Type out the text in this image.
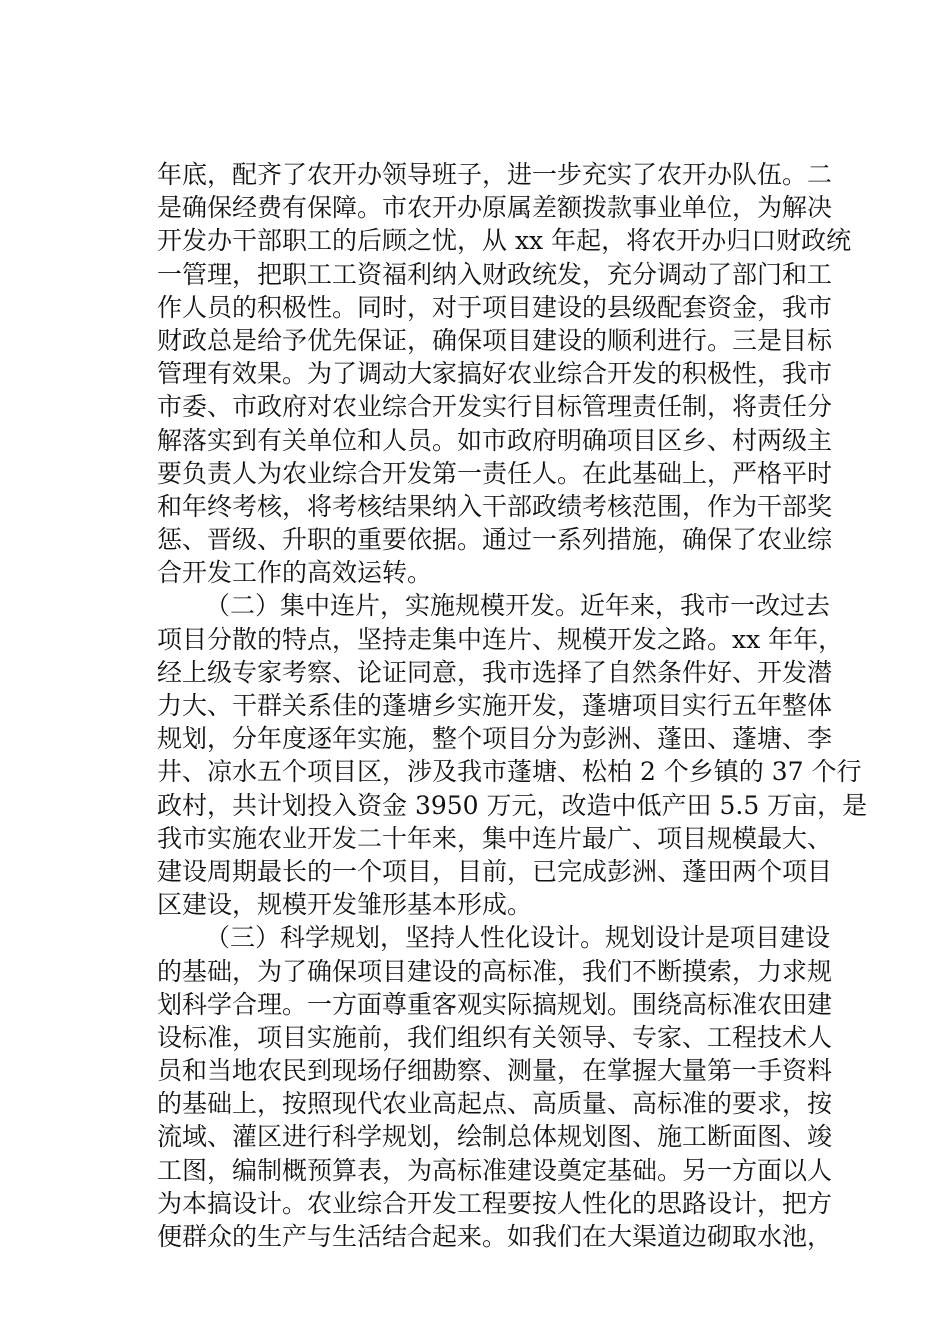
年底，配齐了农开办领导班子，进一步充实了农开办队伍。二
是确保经费有保障。市农开办原属差额拨款事业单位，为解决
开发办干部职工的后顾之忧，从 xx 年起，将农开办归口财政统
一管理，把职工工资福利纳入财政统发，充分调动了部门和工
作人员的积极性。同时，对于项目建设的县级配套资金，我市
财政总是给予优先保证，确保项目建设的顺利进行。三是目标
管理有效果。为了调动大家搞好农业综合开发的积极性，我市
市委、市政府对农业综合开发实行目标管理责任制，将责任分
解落实到有关单位和人员。如市政府明确项目区乡、村两级主
要负责人为农业综合开发第一责任人。在此基础上，严格平时
和年终考核，将考核结果纳入干部政绩考核范围，作为干部奖
惩、晋级、升职的重要依据。通过一系列措施，确保了农业综
合开发工作的高效运转。
（二）集中连片，实施规模开发。近年来，我市一改过去
项目分散的特点，坚持走集中连片、规模开发之路。xx 年年，
经上级专家考察、论证同意，我市选择了自然条件好、开发潜
力大、干群关系佳的蓬塘乡实施开发，蓬塘项目实行五年整体
规划，分年度逐年实施，整个项目分为彭洲、蓬田、蓬塘、李
井、凉水五个项目区，涉及我市蓬塘、松柏 2 个乡镇的 37 个行
政村，共计划投入资金 3950 万元，改造中低产田 5.5 万亩，是
我市实施农业开发二十年来，集中连片最广、项目规模最大、
建设周期最长的一个项目，目前，已完成彭洲、蓬田两个项目
区建设，规模开发雏形基本形成。
（三）科学规划，坚持人性化设计。规划设计是项目建设
的基础，为了确保项目建设的高标准，我们不断摸索，力求规
划科学合理。一方面尊重客观实际搞规划。围绕高标准农田建
设标准，项目实施前，我们组织有关领导、专家、工程技术人
员和当地农民到现场仔细勘察、测量，在掌握大量第一手资料
的基础上，按照现代农业高起点、高质量、高标准的要求，按
流域、灌区进行科学规划，绘制总体规划图、施工断面图、竣
工图，编制概预算表，为高标准建设奠定基础。另一方面以人
为本搞设计。农业综合开发工程要按人性化的思路设计，把方
便群众的生产与生活结合起来。如我们在大渠道边砌取水池，
